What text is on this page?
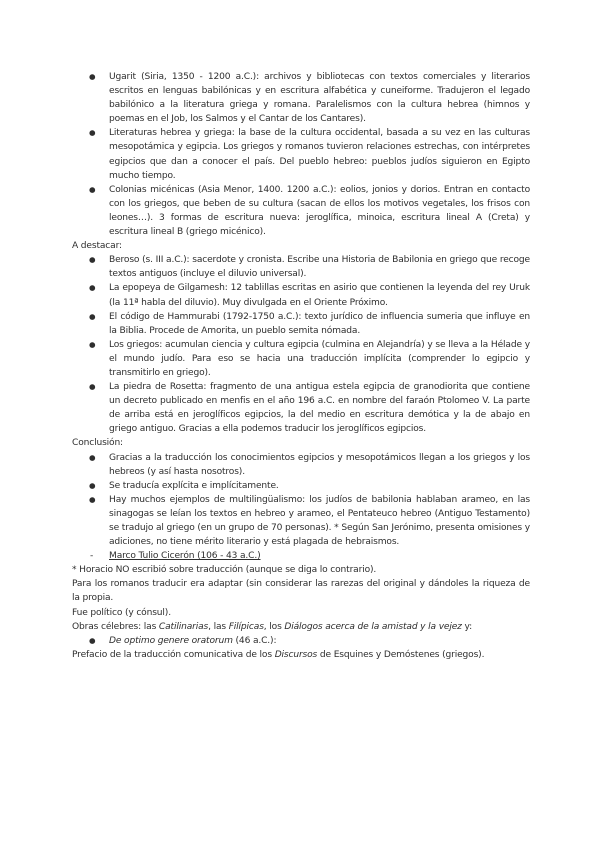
● Ugarit (Siria, 1350 - 1200 a.C.): archivos y bibliotecas con textos comerciales y literarios escritos en lenguas babilónicas y en escritura alfabética y cuneiforme. Tradujeron el legado babilónico a la literatura griega y romana. Paralelismos con la cultura hebrea (himnos y poemas en el Job, los Salmos y el Cantar de los Cantares).
● Literaturas hebrea y griega: la base de la cultura occidental, basada a su vez en las culturas mesopotámica y egipcia. Los griegos y romanos tuvieron relaciones estrechas, con intérpretes egipcios que dan a conocer el país. Del pueblo hebreo: pueblos judíos siguieron en Egipto mucho tiempo.
● Colonias micénicas (Asia Menor, 1400. 1200 a.C.): eolios, jonios y dorios. Entran en contacto con los griegos, que beben de su cultura (sacan de ellos los motivos vegetales, los frisos con leones…). 3 formas de escritura nueva: jeroglífica, minoica, escritura lineal A (Creta) y escritura lineal B (griego micénico).

A destacar:

● Beroso (s. III a.C.): sacerdote y cronista. Escribe una Historia de Babilonia en griego que recoge textos antiguos (incluye el diluvio universal).
● La epopeya de Gilgamesh: 12 tablillas escritas en asirio que contienen la leyenda del rey Uruk (la 11ª habla del diluvio). Muy divulgada en el Oriente Próximo.
● El código de Hammurabi (1792-1750 a.C.): texto jurídico de influencia sumeria que influye en la Biblia. Procede de Amorita, un pueblo semita nómada.
● Los griegos: acumulan ciencia y cultura egipcia (culmina en Alejandría) y se lleva a la Hélade y el mundo judío. Para eso se hacia una traducción implícita (comprender lo egipcio y transmitirlo en griego).
● La piedra de Rosetta: fragmento de una antigua estela egipcia de granodiorita que contiene un decreto publicado en menfis en el año 196 a.C. en nombre del faraón Ptolomeo V. La parte de arriba está en jeroglíficos egipcios, la del medio en escritura demótica y la de abajo en griego antiguo. Gracias a ella podemos traducir los jeroglíficos egipcios.

Conclusión:

● Gracias a la traducción los conocimientos egipcios y mesopotámicos llegan a los griegos y los hebreos (y así hasta nosotros).
● Se traducía explícita e implícitamente.
● Hay muchos ejemplos de multilingüalismo: los judíos de babilonia hablaban arameo, en las sinagogas se leían los textos en hebreo y arameo, el Pentateuco hebreo (Antiguo Testamento) se tradujo al griego (en un grupo de 70 personas). * Según San Jerónimo, presenta omisiones y adiciones, no tiene mérito literario y está plagada de hebraismos.
- Marco Tulio Cicerón (106 - 43 a.C.)

* Horacio NO escribió sobre traducción (aunque se diga lo contrario).

Para los romanos traducir era adaptar (sin considerar las rarezas del original y dándoles la riqueza de la propia.

Fue político (y cónsul).

Obras célebres: las Catilinarias, las Filípicas, los Diálogos acerca de la amistad y la vejez y:

● De optimo genere oratorum (46 a.C.):

Prefacio de la traducción comunicativa de los Discursos de Esquines y Demóstenes (griegos).
